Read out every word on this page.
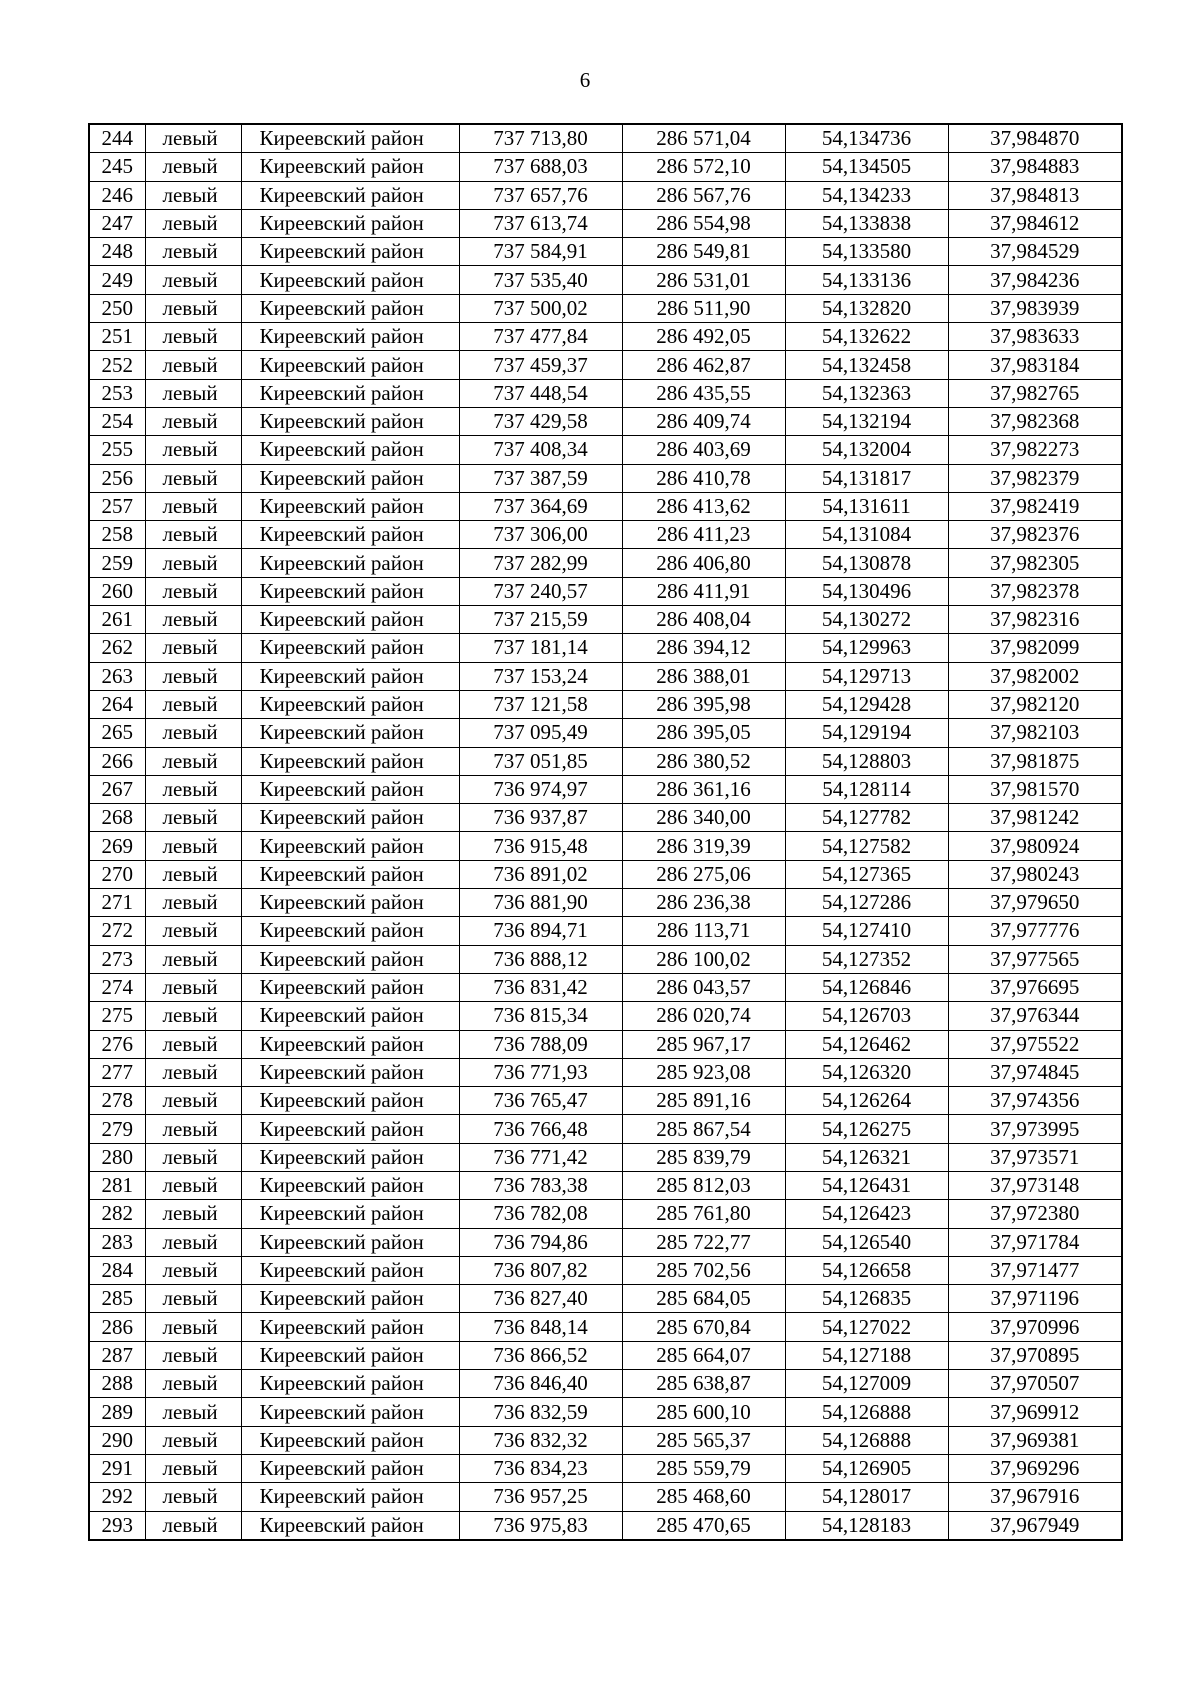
6
244	левый	Киреевский район	737 713,80	286 571,04	54,134736	37,984870
245	левый	Киреевский район	737 688,03	286 572,10	54,134505	37,984883
246	левый	Киреевский район	737 657,76	286 567,76	54,134233	37,984813
247	левый	Киреевский район	737 613,74	286 554,98	54,133838	37,984612
248	левый	Киреевский район	737 584,91	286 549,81	54,133580	37,984529
249	левый	Киреевский район	737 535,40	286 531,01	54,133136	37,984236
250	левый	Киреевский район	737 500,02	286 511,90	54,132820	37,983939
251	левый	Киреевский район	737 477,84	286 492,05	54,132622	37,983633
252	левый	Киреевский район	737 459,37	286 462,87	54,132458	37,983184
253	левый	Киреевский район	737 448,54	286 435,55	54,132363	37,982765
254	левый	Киреевский район	737 429,58	286 409,74	54,132194	37,982368
255	левый	Киреевский район	737 408,34	286 403,69	54,132004	37,982273
256	левый	Киреевский район	737 387,59	286 410,78	54,131817	37,982379
257	левый	Киреевский район	737 364,69	286 413,62	54,131611	37,982419
258	левый	Киреевский район	737 306,00	286 411,23	54,131084	37,982376
259	левый	Киреевский район	737 282,99	286 406,80	54,130878	37,982305
260	левый	Киреевский район	737 240,57	286 411,91	54,130496	37,982378
261	левый	Киреевский район	737 215,59	286 408,04	54,130272	37,982316
262	левый	Киреевский район	737 181,14	286 394,12	54,129963	37,982099
263	левый	Киреевский район	737 153,24	286 388,01	54,129713	37,982002
264	левый	Киреевский район	737 121,58	286 395,98	54,129428	37,982120
265	левый	Киреевский район	737 095,49	286 395,05	54,129194	37,982103
266	левый	Киреевский район	737 051,85	286 380,52	54,128803	37,981875
267	левый	Киреевский район	736 974,97	286 361,16	54,128114	37,981570
268	левый	Киреевский район	736 937,87	286 340,00	54,127782	37,981242
269	левый	Киреевский район	736 915,48	286 319,39	54,127582	37,980924
270	левый	Киреевский район	736 891,02	286 275,06	54,127365	37,980243
271	левый	Киреевский район	736 881,90	286 236,38	54,127286	37,979650
272	левый	Киреевский район	736 894,71	286 113,71	54,127410	37,977776
273	левый	Киреевский район	736 888,12	286 100,02	54,127352	37,977565
274	левый	Киреевский район	736 831,42	286 043,57	54,126846	37,976695
275	левый	Киреевский район	736 815,34	286 020,74	54,126703	37,976344
276	левый	Киреевский район	736 788,09	285 967,17	54,126462	37,975522
277	левый	Киреевский район	736 771,93	285 923,08	54,126320	37,974845
278	левый	Киреевский район	736 765,47	285 891,16	54,126264	37,974356
279	левый	Киреевский район	736 766,48	285 867,54	54,126275	37,973995
280	левый	Киреевский район	736 771,42	285 839,79	54,126321	37,973571
281	левый	Киреевский район	736 783,38	285 812,03	54,126431	37,973148
282	левый	Киреевский район	736 782,08	285 761,80	54,126423	37,972380
283	левый	Киреевский район	736 794,86	285 722,77	54,126540	37,971784
284	левый	Киреевский район	736 807,82	285 702,56	54,126658	37,971477
285	левый	Киреевский район	736 827,40	285 684,05	54,126835	37,971196
286	левый	Киреевский район	736 848,14	285 670,84	54,127022	37,970996
287	левый	Киреевский район	736 866,52	285 664,07	54,127188	37,970895
288	левый	Киреевский район	736 846,40	285 638,87	54,127009	37,970507
289	левый	Киреевский район	736 832,59	285 600,10	54,126888	37,969912
290	левый	Киреевский район	736 832,32	285 565,37	54,126888	37,969381
291	левый	Киреевский район	736 834,23	285 559,79	54,126905	37,969296
292	левый	Киреевский район	736 957,25	285 468,60	54,128017	37,967916
293	левый	Киреевский район	736 975,83	285 470,65	54,128183	37,967949
